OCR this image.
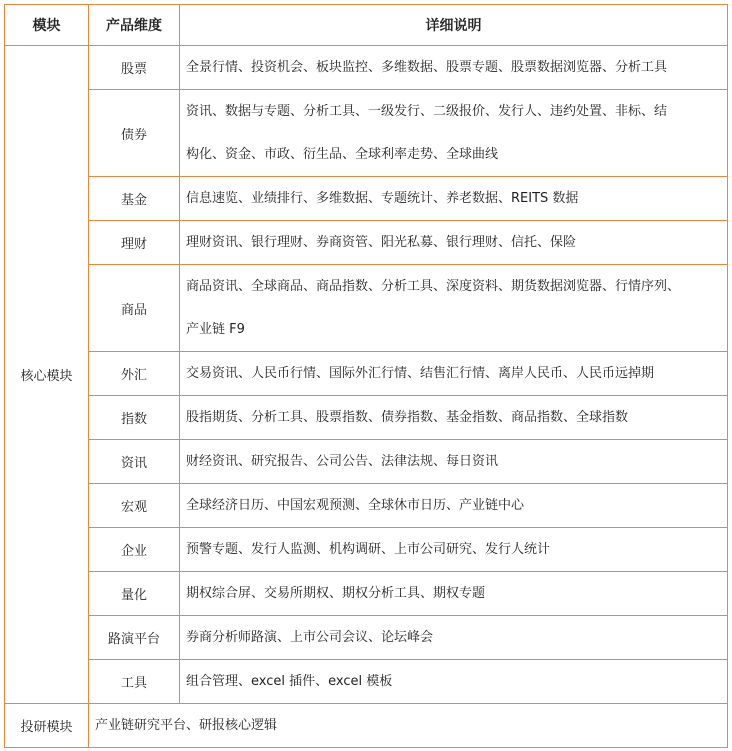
模块	产品维度	详细说明
核心模块	股票	全景行情、投资机会、板块监控、多维数据、股票专题、股票数据浏览器、分析工具

	债券	资讯、数据与专题、分析工具、一级发行、二级报价、发行人、违约处置、非标、结
构化、资金、市政、衍生品、全球利率走势、全球曲线

	基金	信息速览、业绩排行、多维数据、专题统计、养老数据、REITS 数据

	理财	理财资讯、银行理财、券商资管、阳光私募、银行理财、信托、保险

	商品	商品资讯、全球商品、商品指数、分析工具、深度资料、期货数据浏览器、行情序列、
产业链 F9

	外汇	交易资讯、人民币行情、国际外汇行情、结售汇行情、离岸人民币、人民币远掉期

	指数	股指期货、分析工具、股票指数、债券指数、基金指数、商品指数、全球指数

	资讯	财经资讯、研究报告、公司公告、法律法规、每日资讯

	宏观	全球经济日历、中国宏观预测、全球休市日历、产业链中心

	企业	预警专题、发行人监测、机构调研、上市公司研究、发行人统计

	量化	期权综合屏、交易所期权、期权分析工具、期权专题

	路演平台	券商分析师路演、上市公司会议、论坛峰会

	工具	组合管理、excel 插件、excel 模板

投研模块	产业链研究平台、研报核心逻辑	
